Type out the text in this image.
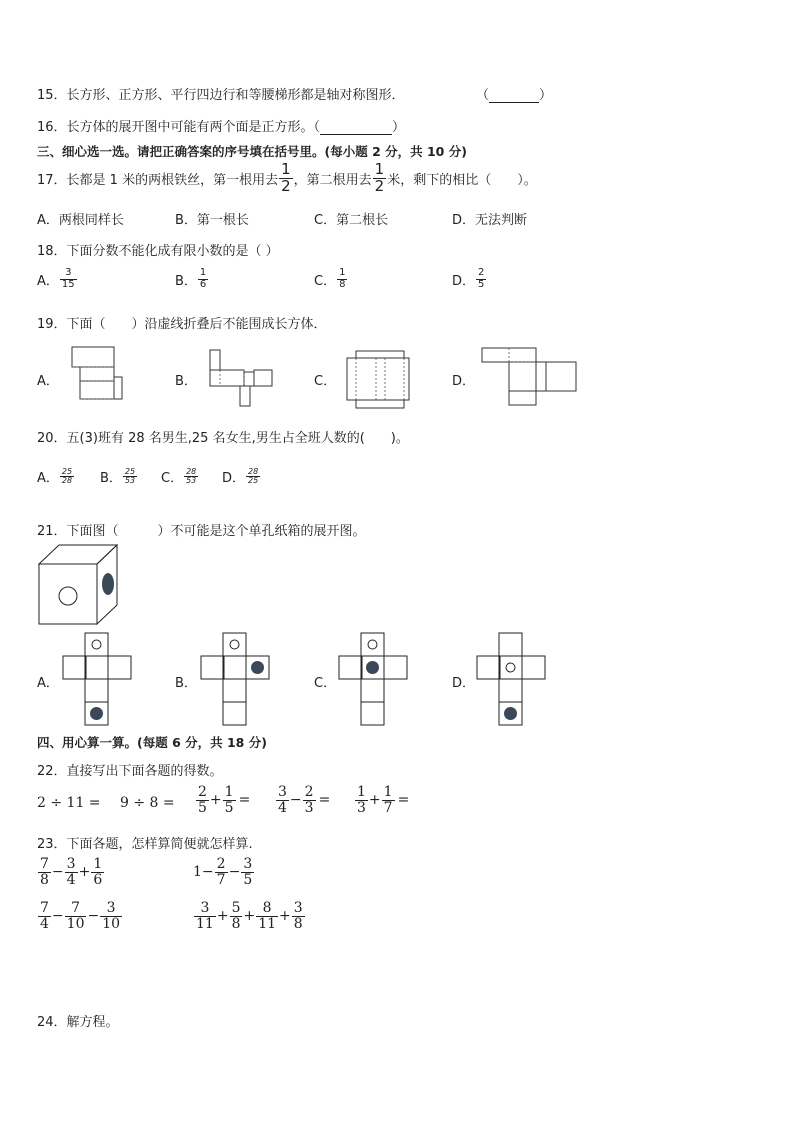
15．长方形、正方形、平行四边行和等腰梯形都是轴对称图形．	（	）
16．长方体的展开图中可能有两个面是正方形。（	）
三、细心选一选。请把正确答案的序号填在括号里。(每小题 2 分，共 10 分)
17．长都是 1 米的两根铁丝，第一根用去 $\frac{1}{2}$ ，第二根用去 $\frac{1}{2}$ 米，剩下的相比（　　）。
A．两根同样长	B．第一根长	C．第二根长	D．无法判断
18．下面分数不能化成有限小数的是（ ）
A． $\frac{3}{15}$	B． $\frac{1}{6}$	C． $\frac{1}{8}$	D． $\frac{2}{5}$
19．下面（　　）沿虚线折叠后不能围成长方体．
A．	B．	C．	D．
20．五(3)班有 28 名男生,25 名女生,男生占全班人数的(　　)。
A． $\frac{25}{28}$ B． $\frac{25}{53}$ C． $\frac{28}{53}$ D． $\frac{28}{25}$
21．下面图（　　　）不可能是这个单孔纸箱的展开图。
A．	B．	C．	D．
四、用心算一算。(每题 6 分，共 18 分)
22．直接写出下面各题的得数。
$2 \div 11 = 9 \div 8 = \frac{2}{5} + \frac{1}{5} = \frac{3}{4} - \frac{2}{3} = \frac{1}{3} + \frac{1}{7}$ =
23．下面各题，怎样算简便就怎样算.
$\frac{7}{8} - \frac{3}{4} + \frac{1}{6}$	$1 - \frac{2}{7} - \frac{3}{5}$
$\frac{7}{4} - \frac{7}{10} - \frac{3}{10}$	$\frac{3}{11} + \frac{5}{8} + \frac{8}{11} + \frac{3}{8}$
24．解方程。
